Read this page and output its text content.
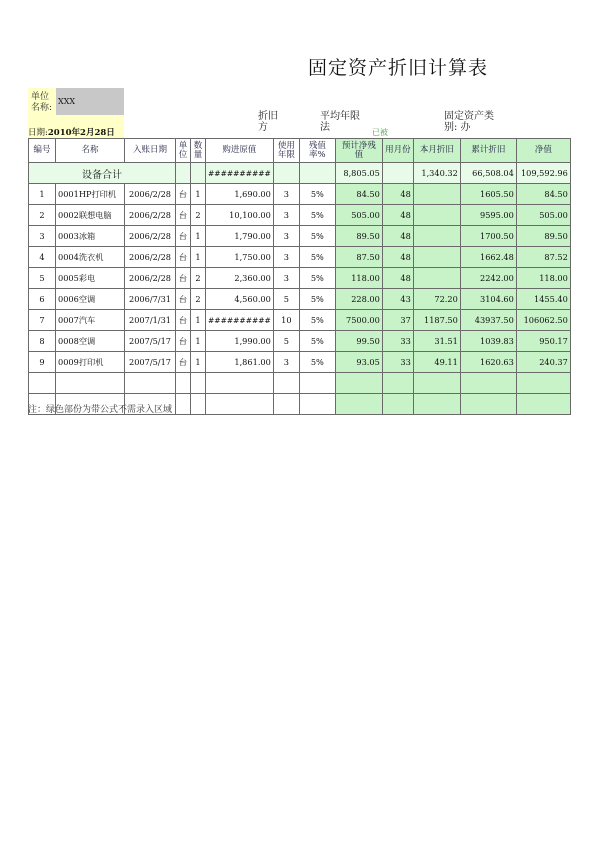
固定资产折旧计算表
单位名称:
XXX
日期:2010年2月28日
折旧方
平均年限法	已被
固定资产类别: 办
编号	名称	入账日期	单位	数量	购进原值	使用年限	残值率%	预计净残值	用月份	本月折旧	累计折旧	净值
设备合计					##########			8,805.05		1,340.32	66,508.04	109,592.96
1	0001HP打印机	2006/2/28	台	1	1,690.00	3	5%	84.50	48		1605.50	84.50
2	0002联想电脑	2006/2/28	台	2	10,100.00	3	5%	505.00	48		9595.00	505.00
3	0003冰箱	2006/2/28	台	1	1,790.00	3	5%	89.50	48		1700.50	89.50
4	0004洗衣机	2006/2/28	台	1	1,750.00	3	5%	87.50	48		1662.48	87.52
5	0005彩电	2006/2/28	台	2	2,360.00	3	5%	118.00	48		2242.00	118.00
6	0006空调	2006/7/31	台	2	4,560.00	5	5%	228.00	43	72.20	3104.60	1455.40
7	0007汽车	2007/1/31	台	1	##########	10	5%	7500.00	37	1187.50	43937.50	106062.50
8	0008空调	2007/5/17	台	1	1,990.00	5	5%	99.50	33	31.51	1039.83	950.17
9	0009打印机	2007/5/17	台	1	1,861.00	3	5%	93.05	33	49.11	1620.63	240.37

注：绿色部份为带公式不需录入区域
